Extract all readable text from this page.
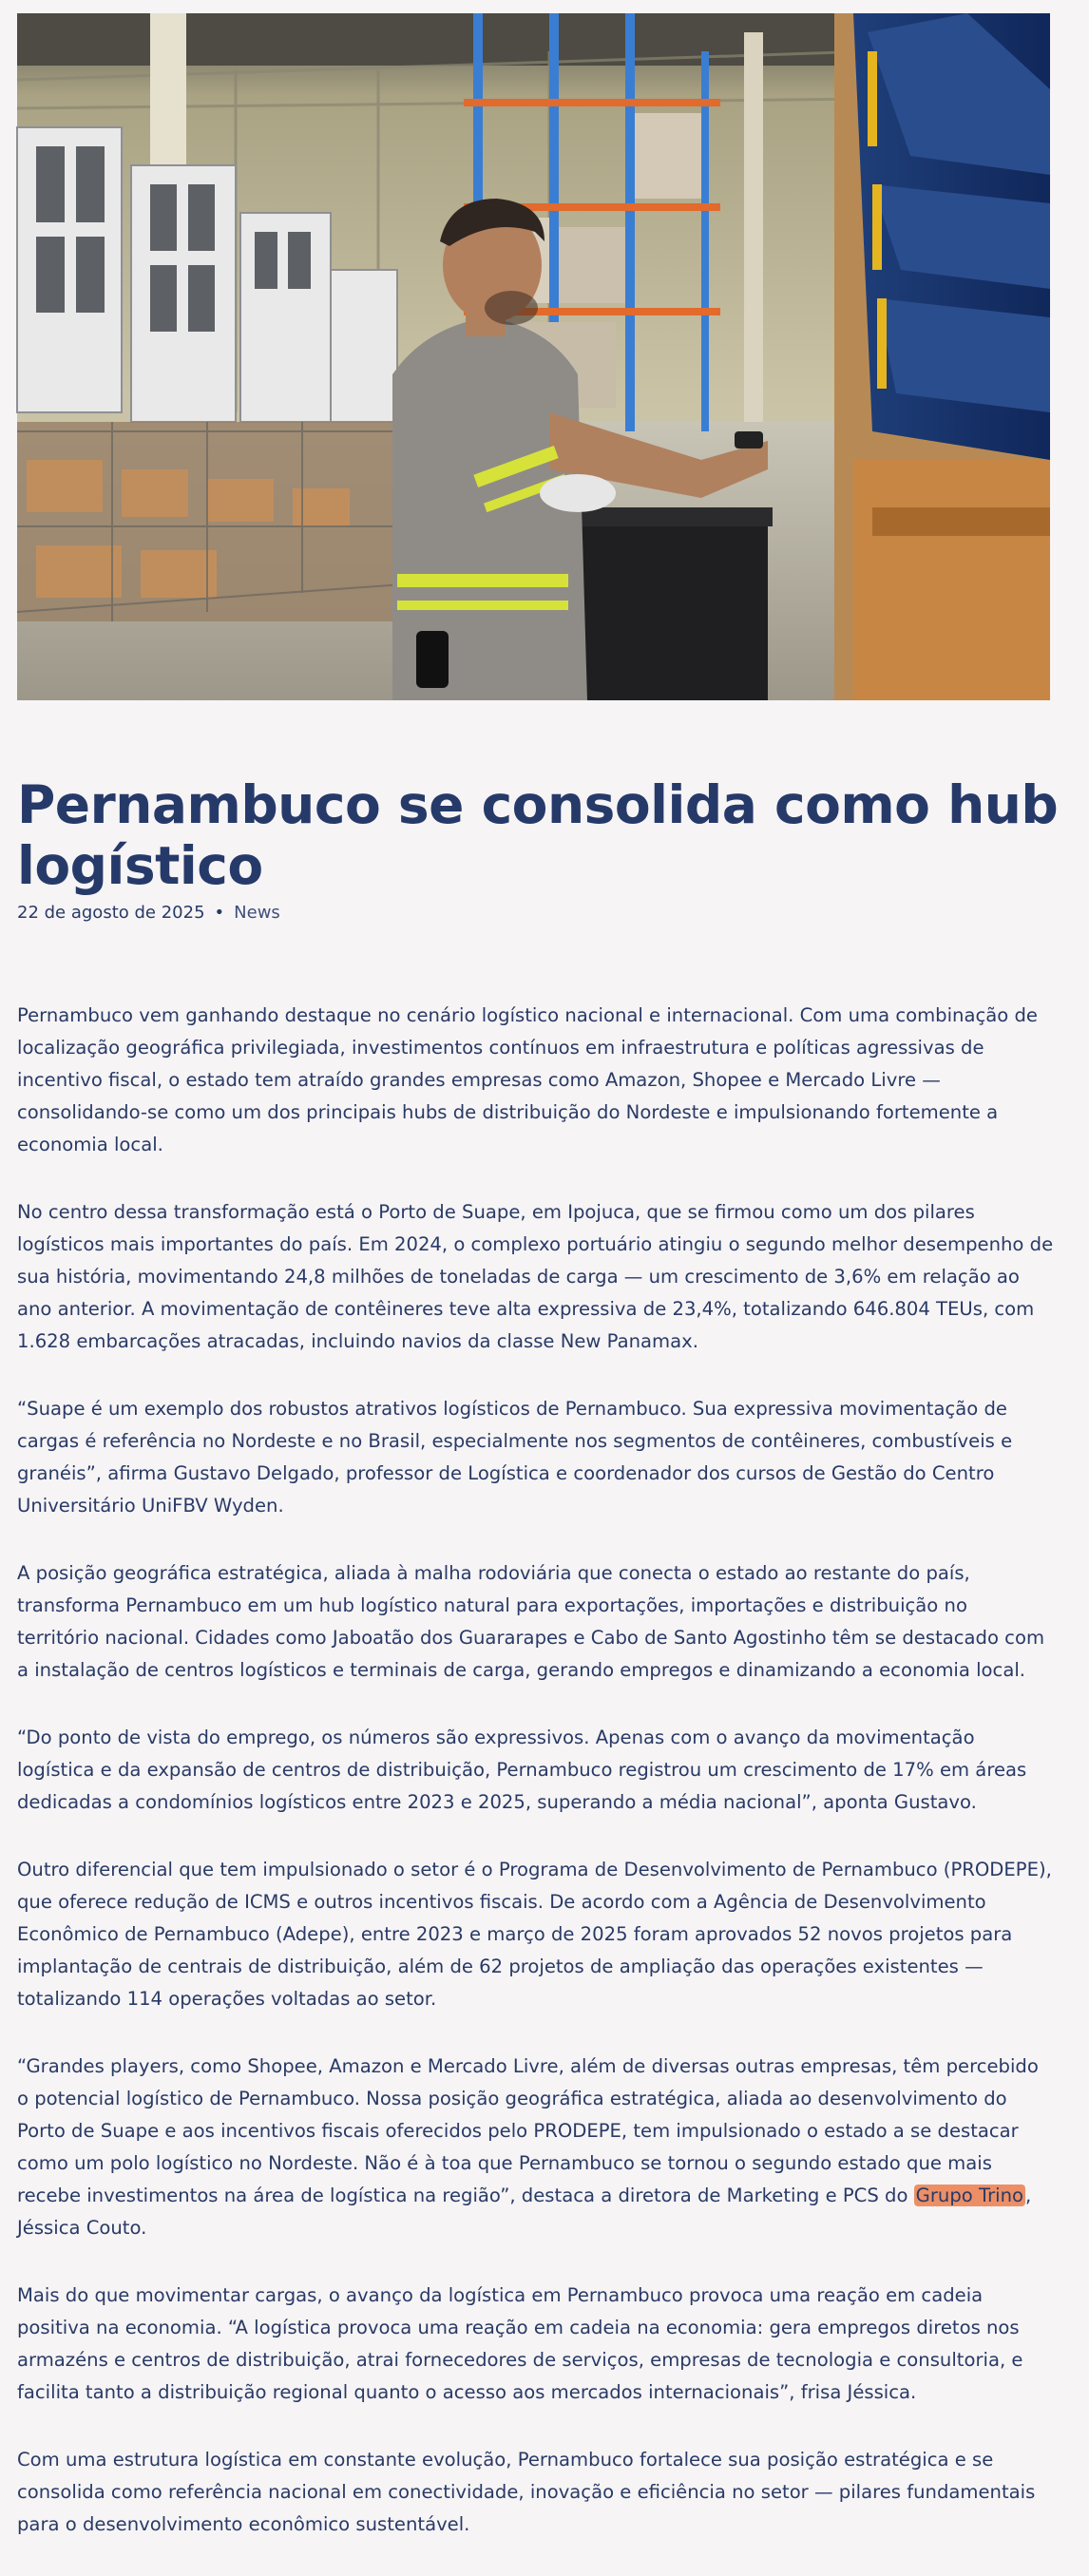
Pernambuco se consolida como hub logístico
22 de agosto de 2025 • News

Pernambuco vem ganhando destaque no cenário logístico nacional e internacional. Com uma combinação de localização geográfica privilegiada, investimentos contínuos em infraestrutura e políticas agressivas de incentivo fiscal, o estado tem atraído grandes empresas como Amazon, Shopee e Mercado Livre — consolidando-se como um dos principais hubs de distribuição do Nordeste e impulsionando fortemente a economia local.

No centro dessa transformação está o Porto de Suape, em Ipojuca, que se firmou como um dos pilares logísticos mais importantes do país. Em 2024, o complexo portuário atingiu o segundo melhor desempenho de sua história, movimentando 24,8 milhões de toneladas de carga — um crescimento de 3,6% em relação ao ano anterior. A movimentação de contêineres teve alta expressiva de 23,4%, totalizando 646.804 TEUs, com 1.628 embarcações atracadas, incluindo navios da classe New Panamax.

“Suape é um exemplo dos robustos atrativos logísticos de Pernambuco. Sua expressiva movimentação de cargas é referência no Nordeste e no Brasil, especialmente nos segmentos de contêineres, combustíveis e granéis”, afirma Gustavo Delgado, professor de Logística e coordenador dos cursos de Gestão do Centro Universitário UniFBV Wyden.

A posição geográfica estratégica, aliada à malha rodoviária que conecta o estado ao restante do país, transforma Pernambuco em um hub logístico natural para exportações, importações e distribuição no território nacional. Cidades como Jaboatão dos Guararapes e Cabo de Santo Agostinho têm se destacado com a instalação de centros logísticos e terminais de carga, gerando empregos e dinamizando a economia local.

“Do ponto de vista do emprego, os números são expressivos. Apenas com o avanço da movimentação logística e da expansão de centros de distribuição, Pernambuco registrou um crescimento de 17% em áreas dedicadas a condomínios logísticos entre 2023 e 2025, superando a média nacional”, aponta Gustavo.

Outro diferencial que tem impulsionado o setor é o Programa de Desenvolvimento de Pernambuco (PRODEPE), que oferece redução de ICMS e outros incentivos fiscais. De acordo com a Agência de Desenvolvimento Econômico de Pernambuco (Adepe), entre 2023 e março de 2025 foram aprovados 52 novos projetos para implantação de centrais de distribuição, além de 62 projetos de ampliação das operações existentes — totalizando 114 operações voltadas ao setor.

“Grandes players, como Shopee, Amazon e Mercado Livre, além de diversas outras empresas, têm percebido o potencial logístico de Pernambuco. Nossa posição geográfica estratégica, aliada ao desenvolvimento do Porto de Suape e aos incentivos fiscais oferecidos pelo PRODEPE, tem impulsionado o estado a se destacar como um polo logístico no Nordeste. Não é à toa que Pernambuco se tornou o segundo estado que mais recebe investimentos na área de logística na região”, destaca a diretora de Marketing e PCS do Grupo Trino , Jéssica Couto.

Mais do que movimentar cargas, o avanço da logística em Pernambuco provoca uma reação em cadeia positiva na economia. “A logística provoca uma reação em cadeia na economia: gera empregos diretos nos armazéns e centros de distribuição, atrai fornecedores de serviços, empresas de tecnologia e consultoria, e facilita tanto a distribuição regional quanto o acesso aos mercados internacionais”, frisa Jéssica.

Com uma estrutura logística em constante evolução, Pernambuco fortalece sua posição estratégica e se consolida como referência nacional em conectividade, inovação e eficiência no setor — pilares fundamentais para o desenvolvimento econômico sustentável.
